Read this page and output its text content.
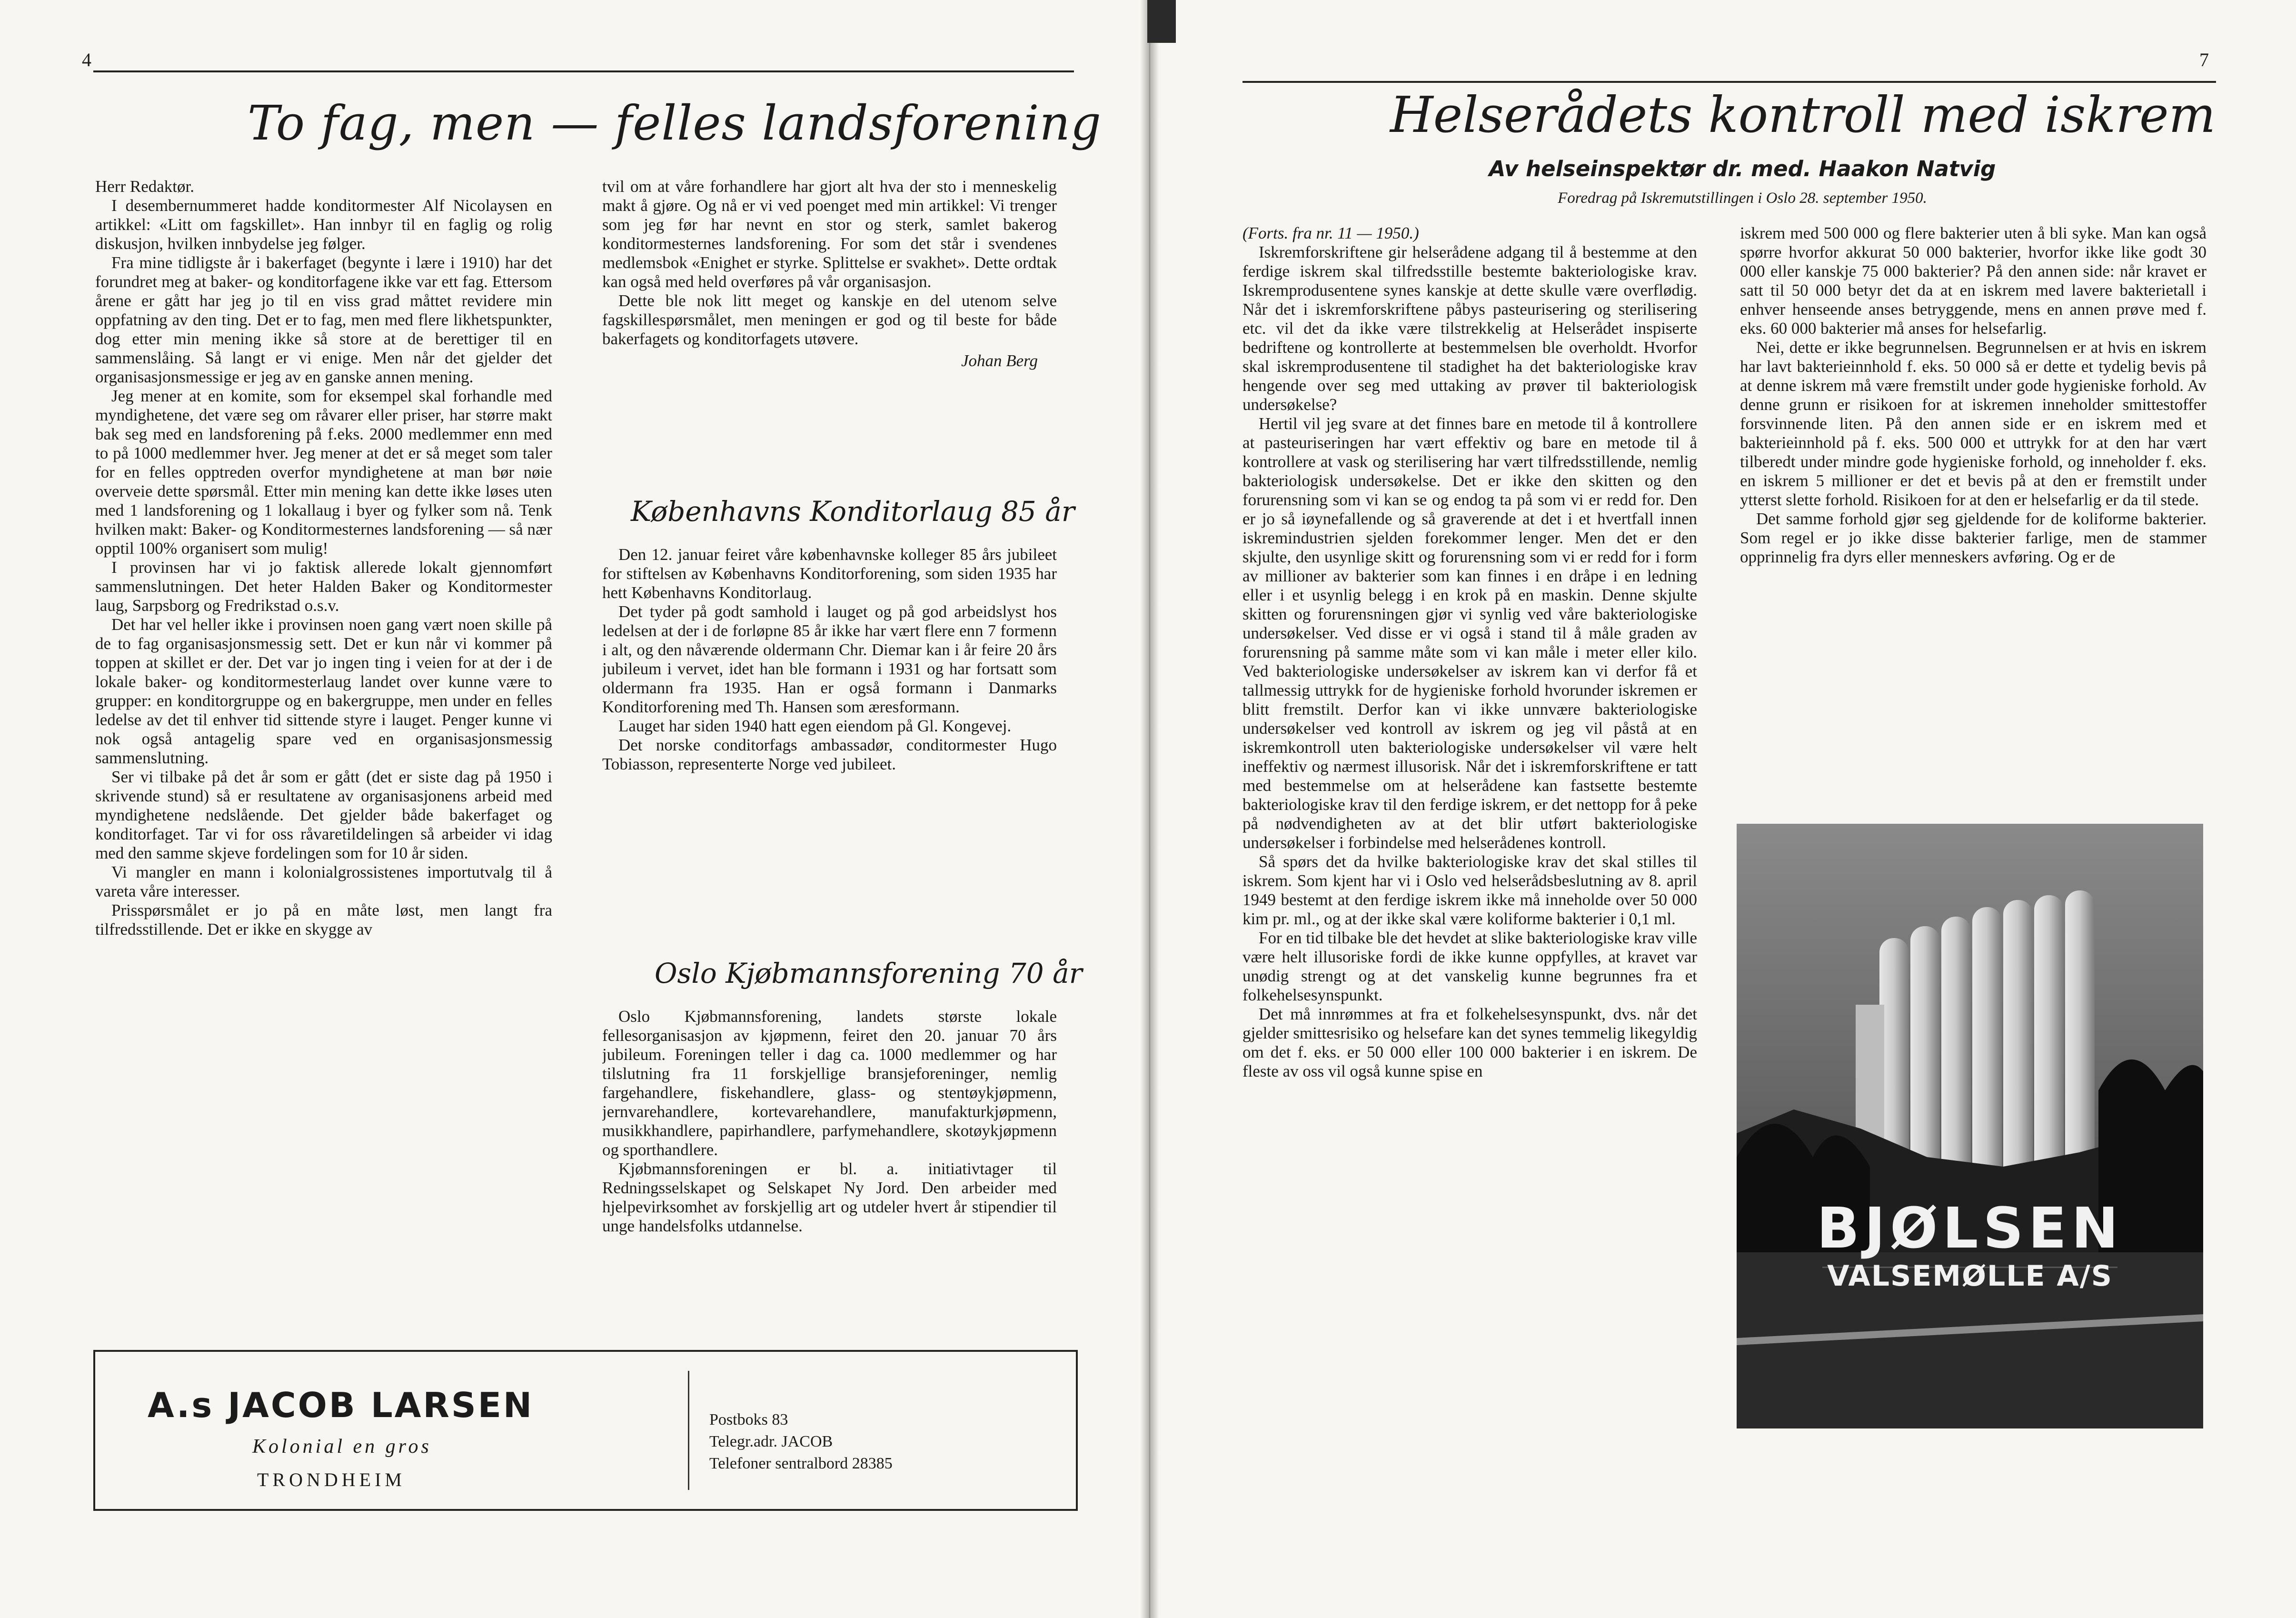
4
To fag, men — felles landsforening

Herr Redaktør.

I desembernummeret hadde konditormester Alf Nicolaysen en artikkel: «Litt om fagskillet». Han innbyr til en faglig og rolig diskusjon, hvilken innbydelse jeg følger.

Fra mine tidligste år i bakerfaget (begynte i lære i 1910) har det forundret meg at baker- og konditorfagene ikke var ett fag. Ettersom årene er gått har jeg jo til en viss grad måttet revidere min oppfatning av den ting. Det er to fag, men med flere likhetspunkter, dog etter min mening ikke så store at de berettiger til en sammenslåing. Så langt er vi enige. Men når det gjelder det organisasjonsmessige er jeg av en ganske annen mening.

Jeg mener at en komite, som for eksempel skal forhandle med myndighetene, det være seg om råvarer eller priser, har større makt bak seg med en landsforening på f.eks. 2000 medlemmer enn med to på 1000 medlemmer hver. Jeg mener at det er så meget som taler for en felles opptreden overfor myndighetene at man bør nøie overveie dette spørsmål. Etter min mening kan dette ikke løses uten med 1 landsforening og 1 lokallaug i byer og fylker som nå. Tenk hvilken makt: Baker- og Konditormesternes landsforening — så nær opptil 100% organisert som mulig!

I provinsen har vi jo faktisk allerede lokalt gjennomført sammenslutningen. Det heter Halden Baker og Konditormester laug, Sarpsborg og Fredrikstad o.s.v.

Det har vel heller ikke i provinsen noen gang vært noen skille på de to fag organisasjonsmessig sett. Det er kun når vi kommer på toppen at skillet er der. Det var jo ingen ting i veien for at der i de lokale baker- og konditormesterlaug landet over kunne være to grupper: en konditorgruppe og en bakergruppe, men under en felles ledelse av det til enhver tid sittende styre i lauget. Penger kunne vi nok også antagelig spare ved en organisasjonsmessig sammenslutning.

Ser vi tilbake på det år som er gått (det er siste dag på 1950 i skrivende stund) så er resultatene av organisasjonens arbeid med myndighetene nedslående. Det gjelder både bakerfaget og konditorfaget. Tar vi for oss råvaretildelingen så arbeider vi idag med den samme skjeve fordelingen som for 10 år siden.

Vi mangler en mann i kolonialgrossistenes importutvalg til å vareta våre interesser.

Prisspørsmålet er jo på en måte løst, men langt fra tilfredsstillende. Det er ikke en skygge av

tvil om at våre forhandlere har gjort alt hva der sto i menneskelig makt å gjøre. Og nå er vi ved poenget med min artikkel: Vi trenger som jeg før har nevnt en stor og sterk, samlet bakerog konditormesternes landsforening. For som det står i svendenes medlemsbok «Enighet er styrke. Splittelse er svakhet». Dette ordtak kan også med held overføres på vår organisasjon.

Dette ble nok litt meget og kanskje en del utenom selve fagskillespørsmålet, men meningen er god og til beste for både bakerfagets og konditorfagets utøvere.

Johan Berg
Københavns Konditorlaug 85 år

Den 12. januar feiret våre københavnske kolleger 85 års jubileet for stiftelsen av Københavns Konditorforening, som siden 1935 har hett Københavns Konditorlaug.

Det tyder på godt samhold i lauget og på god arbeidslyst hos ledelsen at der i de forløpne 85 år ikke har vært flere enn 7 formenn i alt, og den nåværende oldermann Chr. Diemar kan i år feire 20 års jubileum i vervet, idet han ble formann i 1931 og har fortsatt som oldermann fra 1935. Han er også formann i Danmarks Konditorforening med Th. Hansen som æresformann.

Lauget har siden 1940 hatt egen eiendom på Gl. Kongevej.

Det norske conditorfags ambassadør, conditormester Hugo Tobiasson, representerte Norge ved jubileet.

Oslo Kjøbmannsforening 70 år

Oslo Kjøbmannsforening, landets største lokale fellesorganisasjon av kjøpmenn, feiret den 20. januar 70 års jubileum. Foreningen teller i dag ca. 1000 medlemmer og har tilslutning fra 11 forskjellige bransjeforeninger, nemlig fargehandlere, fiskehandlere, glass- og stentøykjøpmenn, jernvarehandlere, kortevarehandlere, manufakturkjøpmenn, musikkhandlere, papirhandlere, parfymehandlere, skotøykjøpmenn og sporthandlere.

Kjøbmannsforeningen er bl. a. initiativtager til Redningsselskapet og Selskapet Ny Jord. Den arbeider med hjelpevirksomhet av forskjellig art og utdeler hvert år stipendier til unge handelsfolks utdannelse.

A.s JACOB LARSEN
Kolonial en gros
TRONDHEIM
Postboks 83
Telegr.adr. JACOB
Telefoner sentralbord 28385
7
Helserådets kontroll med iskrem
Av helseinspektør dr. med. Haakon Natvig
Foredrag på Iskremutstillingen i Oslo 28. september 1950.

(Forts. fra nr. 11 — 1950.)

Iskremforskriftene gir helserådene adgang til å bestemme at den ferdige iskrem skal tilfredsstille bestemte bakteriologiske krav. Iskremprodusentene synes kanskje at dette skulle være overflødig. Når det i iskremforskriftene påbys pasteurisering og sterilisering etc. vil det da ikke være tilstrekkelig at Helserådet inspiserte bedriftene og kontrollerte at bestemmelsen ble overholdt. Hvorfor skal iskremprodusentene til stadighet ha det bakteriologiske krav hengende over seg med uttaking av prøver til bakteriologisk undersøkelse?

Hertil vil jeg svare at det finnes bare en metode til å kontrollere at pasteuriseringen har vært effektiv og bare en metode til å kontrollere at vask og sterilisering har vært tilfredsstillende, nemlig bakteriologisk undersøkelse. Det er ikke den skitten og den forurensning som vi kan se og endog ta på som vi er redd for. Den er jo så iøynefallende og så graverende at det i et hvertfall innen iskremindustrien sjelden forekommer lenger. Men det er den skjulte, den usynlige skitt og forurensning som vi er redd for i form av millioner av bakterier som kan finnes i en dråpe i en ledning eller i et usynlig belegg i en krok på en maskin. Denne skjulte skitten og forurensningen gjør vi synlig ved våre bakteriologiske undersøkelser. Ved disse er vi også i stand til å måle graden av forurensning på samme måte som vi kan måle i meter eller kilo. Ved bakteriologiske undersøkelser av iskrem kan vi derfor få et tallmessig uttrykk for de hygieniske forhold hvorunder iskremen er blitt fremstilt. Derfor kan vi ikke unnvære bakteriologiske undersøkelser ved kontroll av iskrem og jeg vil påstå at en iskremkontroll uten bakteriologiske undersøkelser vil være helt ineffektiv og nærmest illusorisk. Når det i iskremforskriftene er tatt med bestemmelse om at helserådene kan fastsette bestemte bakteriologiske krav til den ferdige iskrem, er det nettopp for å peke på nødvendigheten av at det blir utført bakteriologiske undersøkelser i forbindelse med helserådenes kontroll.

Så spørs det da hvilke bakteriologiske krav det skal stilles til iskrem. Som kjent har vi i Oslo ved helserådsbeslutning av 8. april 1949 bestemt at den ferdige iskrem ikke må inneholde over 50 000 kim pr. ml., og at der ikke skal være koliforme bakterier i 0,1 ml.

For en tid tilbake ble det hevdet at slike bakteriologiske krav ville være helt illusoriske fordi de ikke kunne oppfylles, at kravet var unødig strengt og at det vanskelig kunne begrunnes fra et folkehelsesynspunkt.

Det må innrømmes at fra et folkehelsesynspunkt, dvs. når det gjelder smittesrisiko og helsefare kan det synes temmelig likegyldig om det f. eks. er 50 000 eller 100 000 bakterier i en iskrem. De fleste av oss vil også kunne spise en

iskrem med 500 000 og flere bakterier uten å bli syke. Man kan også spørre hvorfor akkurat 50 000 bakterier, hvorfor ikke like godt 30 000 eller kanskje 75 000 bakterier? På den annen side: når kravet er satt til 50 000 betyr det da at en iskrem med lavere bakterietall i enhver henseende anses betryggende, mens en annen prøve med f. eks. 60 000 bakterier må anses for helsefarlig.

Nei, dette er ikke begrunnelsen. Begrunnelsen er at hvis en iskrem har lavt bakterieinnhold f. eks. 50 000 så er dette et tydelig bevis på at denne iskrem må være fremstilt under gode hygieniske forhold. Av denne grunn er risikoen for at iskremen inneholder smittestoffer forsvinnende liten. På den annen side er en iskrem med et bakterieinnhold på f. eks. 500 000 et uttrykk for at den har vært tilberedt under mindre gode hygieniske forhold, og inneholder f. eks. en iskrem 5 millioner er det et bevis på at den er fremstilt under ytterst slette forhold. Risikoen for at den er helsefarlig er da til stede.

Det samme forhold gjør seg gjeldende for de koliforme bakterier. Som regel er jo ikke disse bakterier farlige, men de stammer opprinnelig fra dyrs eller menneskers avføring. Og er de

BJØLSEN
VALSEMØLLE A/S
